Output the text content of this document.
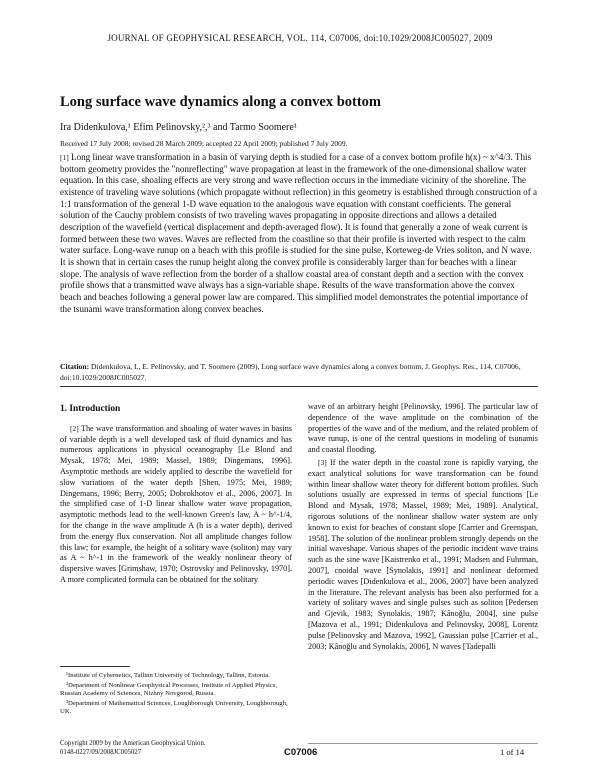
JOURNAL OF GEOPHYSICAL RESEARCH, VOL. 114, C07006, doi:10.1029/2008JC005027, 2009
Long surface wave dynamics along a convex bottom
Ira Didenkulova,¹ Efim Pelinovsky,²,³ and Tarmo Soomere¹
Received 17 July 2008; revised 28 March 2009; accepted 22 April 2009; published 7 July 2009.
[1] Long linear wave transformation in a basin of varying depth is studied for a case of a convex bottom profile h(x) ~ x^4/3. This bottom geometry provides the "nonreflecting" wave propagation at least in the framework of the one-dimensional shallow water equation. In this case, shoaling effects are very strong and wave reflection occurs in the immediate vicinity of the shoreline. The existence of traveling wave solutions (which propagate without reflection) in this geometry is established through construction of a 1:1 transformation of the general 1-D wave equation to the analogous wave equation with constant coefficients. The general solution of the Cauchy problem consists of two traveling waves propagating in opposite directions and allows a detailed description of the wavefield (vertical displacement and depth-averaged flow). It is found that generally a zone of weak current is formed between these two waves. Waves are reflected from the coastline so that their profile is inverted with respect to the calm water surface. Long-wave runup on a beach with this profile is studied for the sine pulse, Korteweg-de Vries soliton, and N wave. It is shown that in certain cases the runup height along the convex profile is considerably larger than for beaches with a linear slope. The analysis of wave reflection from the border of a shallow coastal area of constant depth and a section with the convex profile shows that a transmitted wave always has a sign-variable shape. Results of the wave transformation above the convex beach and beaches following a general power law are compared. This simplified model demonstrates the potential importance of the tsunami wave transformation along convex beaches.
Citation: Didenkulova, I., E. Pelinovsky, and T. Soomere (2009), Long surface wave dynamics along a convex bottom, J. Geophys. Res., 114, C07006, doi:10.1029/2008JC005027.
1. Introduction

[2] The wave transformation and shoaling of water waves in basins of variable depth is a well developed task of fluid dynamics and has numerous applications in physical oceanography [Le Blond and Mysak, 1978; Mei, 1989; Massel, 1989; Dingemans, 1996]. Asymptotic methods are widely applied to describe the wavefield for slow variations of the water depth [Shen, 1975; Mei, 1989; Dingemans, 1996; Berry, 2005; Dobrokhotov et al., 2006, 2007]. In the simplified case of 1-D linear shallow water wave propagation, asymptotic methods lead to the well-known Green's law, A ~ h^-1/4, for the change in the wave amplitude A (h is a water depth), derived from the energy flux conservation. Not all amplitude changes follow this law; for example, the height of a solitary wave (soliton) may vary as A ~ h^-1 in the framework of the weakly nonlinear theory of dispersive waves [Grimshaw, 1970; Ostrovsky and Pelinovsky, 1970]. A more complicated formula can be obtained for the solitary

wave of an arbitrary height [Pelinovsky, 1996]. The particular law of dependence of the wave amplitude on the combination of the properties of the wave and of the medium, and the related problem of wave runup, is one of the central questions in modeling of tsunamis and coastal flooding.

[3] If the water depth in the coastal zone is rapidly varying, the exact analytical solutions for wave transformation can be found within linear shallow water theory for different bottom profiles. Such solutions usually are expressed in terms of special functions [Le Blond and Mysak, 1978; Massel, 1989; Mei, 1989]. Analytical, rigorous solutions of the nonlinear shallow water system are only known to exist for beaches of constant slope [Carrier and Greenspan, 1958]. The solution of the nonlinear problem strongly depends on the initial waveshape. Various shapes of the periodic incident wave trains such as the sine wave [Kaistrenko et al., 1991; Madsen and Fuhrman, 2007], cnoidal wave [Synolakis, 1991] and nonlinear deformed periodic waves [Didenkulova et al., 2006, 2007] have been analyzed in the literature. The relevant analysis has been also performed for a variety of solitary waves and single pulses such as soliton [Pedersen and Gjevik, 1983; Synolakis, 1987; Kânoğlu, 2004], sine pulse [Mazova et al., 1991; Didenkulova and Pelinovsky, 2008], Lorentz pulse [Pelinovsky and Mazova, 1992], Gaussian pulse [Carrier et al., 2003; Kânoğlu and Synolakis, 2006], N waves [Tadepalli

¹Institute of Cybernetics, Tallinn University of Technology, Tallinn, Estonia.

²Department of Nonlinear Geophysical Processes, Institute of Applied Physics, Russian Academy of Sciences, Nizhny Novgorod, Russia.

³Department of Mathematical Sciences, Loughborough University, Loughborough, UK.

Copyright 2009 by the American Geophysical Union.
0148-0227/09/2008JC005027	C07006	1 of 14
